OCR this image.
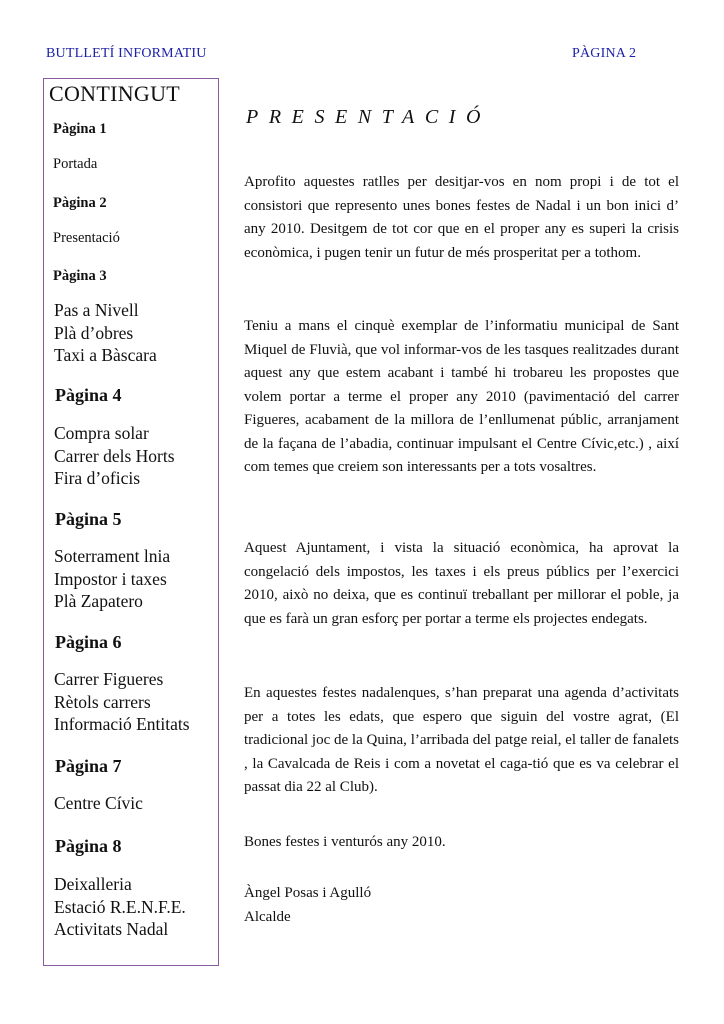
BUTLLETÍ INFORMATIU	PÀGINA 2
CONTINGUT
Pàgina 1
Portada
Pàgina 2
Presentació
Pàgina 3
Pas a Nivell
Plà d’obres
Taxi a Bàscara
Pàgina 4
Compra solar
Carrer dels Horts
Fira d’oficis
Pàgina 5
Soterrament lnia
Impostor i taxes
Plà Zapatero
Pàgina 6
Carrer Figueres
Rètols carrers
Informació Entitats
Pàgina 7
Centre Cívic
Pàgina 8
Deixalleria
Estació R.E.N.F.E.
Activitats Nadal
PRESENTACIÓ
Aprofito aquestes ratlles per desitjar-vos en nom propi i de tot el consistori que represento unes bones festes de Nadal i un bon inici d’ any 2010. Desitgem de tot cor que en el proper any es superi la crisis econòmica, i pugen tenir un futur de més prosperitat per a tothom.
Teniu a mans el cinquè exemplar de l’informatiu municipal de Sant Miquel de Fluvià, que vol informar-vos de les tasques realitzades durant aquest any que estem acabant i també hi trobareu les propostes que volem portar a terme el proper any 2010 (pavimentació del carrer Figueres, acabament de la millora de l’enllumenat públic, arranjament de la façana de l’abadia, continuar impulsant el Centre Cívic,etc.) , així com temes que creiem son interessants per a tots vosaltres.
Aquest Ajuntament, i vista la situació econòmica, ha aprovat la congelació dels impostos, les taxes i els preus públics per l’exercici 2010, això no deixa, que es continuï treballant per millorar el poble, ja que es farà un gran esforç per portar a terme els projectes endegats.
En aquestes festes nadalenques, s’han preparat una agenda d’activitats per a totes les edats, que espero que siguin del vostre agrat, (El tradicional joc de la Quina, l’arribada del patge reial, el taller de fanalets , la Cavalcada de Reis i com a novetat el caga-tió que es va celebrar el passat dia 22 al Club).
Bones festes i venturós any 2010.
Àngel Posas i Agulló
Alcalde
